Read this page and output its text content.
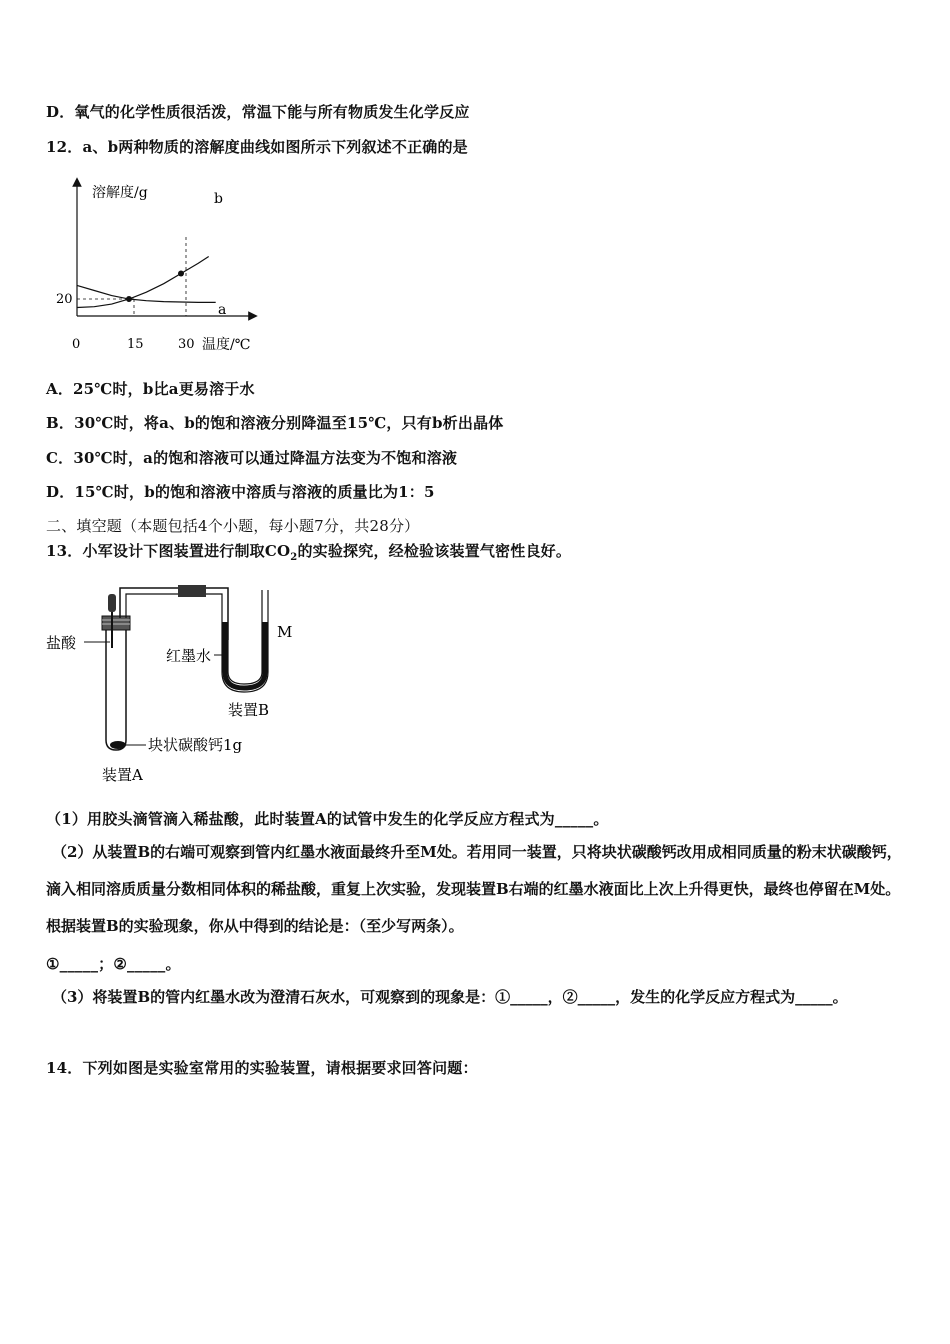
D．氧气的化学性质很活泼，常温下能与所有物质发生化学反应
12．a、b两种物质的溶解度曲线如图所示下列叙述不正确的是
溶解度/g
温度/℃
0	15	30
20
a
b
A．25℃时，b比a更易溶于水
B．30℃时，将a、b的饱和溶液分别降温至15℃，只有b析出晶体
C．30℃时，a的饱和溶液可以通过降温方法变为不饱和溶液
D．15℃时，b的饱和溶液中溶质与溶液的质量比为1：5
二、填空题（本题包括4个小题，每小题7分，共28分）
13．小军设计下图装置进行制取$CO_2$的实验探究，经检验该装置气密性良好。
盐酸
红墨水
M
装置B
块状碳酸钙1g
装置A
（1）用胶头滴管滴入稀盐酸，此时装置A的试管中发生的化学反应方程式为_____。
（2）从装置B的右端可观察到管内红墨水液面最终升至M处。若用同一装置，只将块状碳酸钙改用成相同质量的粉末状碳酸钙，滴入相同溶质质量分数相同体积的稀盐酸，重复上次实验，发现装置B右端的红墨水液面比上次上升得更快，最终也停留在M处。根据装置B的实验现象，你从中得到的结论是：（至少写两条）。
①_____；②_____。
（3）将装置B的管内红墨水改为澄清石灰水，可观察到的现象是：①_____，②_____，发生的化学反应方程式为_____。
14．下列如图是实验室常用的实验装置，请根据要求回答问题：
